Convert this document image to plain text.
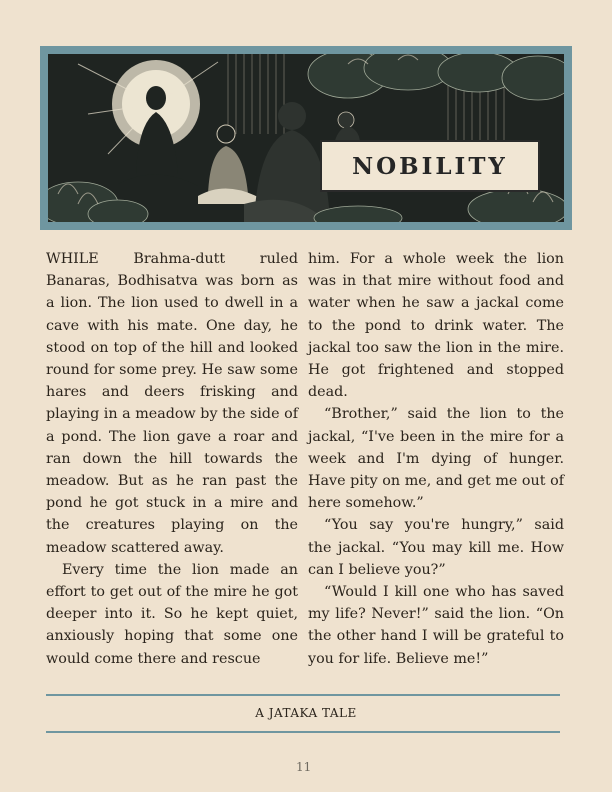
NOBILITY

WHILE Brahma-dutt ruled Banaras, Bodhisatva was born as a lion. The lion used to dwell in a cave with his mate. One day, he stood on top of the hill and looked round for some prey. He saw some hares and deers frisking and playing in a meadow by the side of a pond. The lion gave a roar and ran down the hill towards the meadow. But as he ran past the pond he got stuck in a mire and the creatures playing on the meadow scattered away.

Every time the lion made an effort to get out of the mire he got deeper into it. So he kept quiet, anxiously hoping that some one would come there and rescue

him. For a whole week the lion was in that mire without food and water when he saw a jackal come to the pond to drink water. The jackal too saw the lion in the mire. He got frightened and stopped dead.

“Brother,” said the lion to the jackal, “I've been in the mire for a week and I'm dying of hunger. Have pity on me, and get me out of here somehow.”

“You say you're hungry,” said the jackal. “You may kill me. How can I believe you?”

“Would I kill one who has saved my life? Never!” said the lion. “On the other hand I will be grateful to you for life. Believe me!”

A JATAKA TALE
11
